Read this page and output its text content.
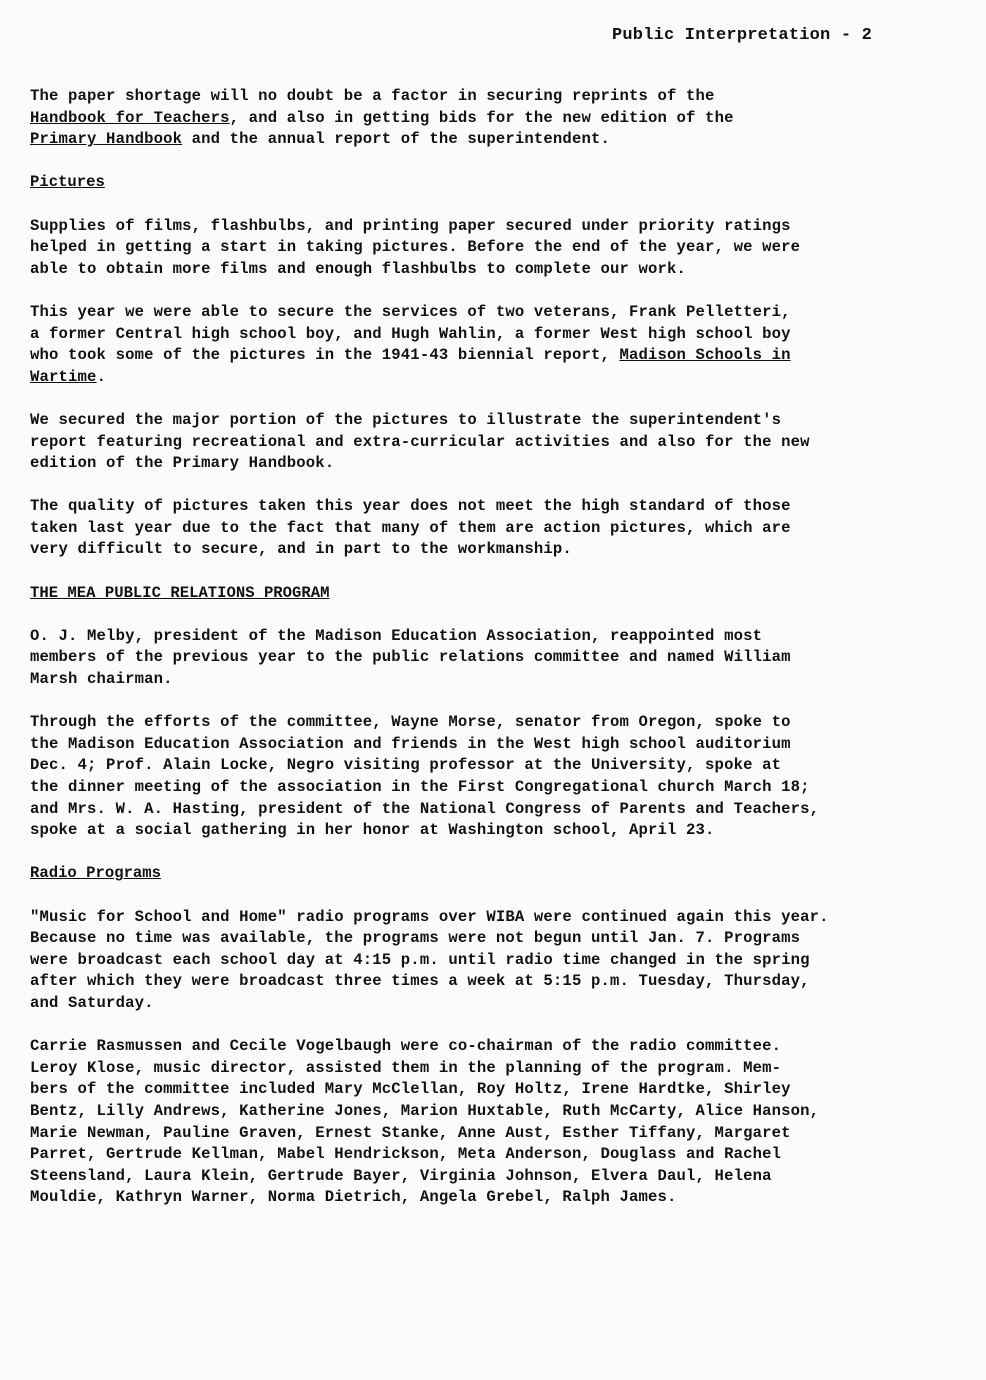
Public Interpretation - 2
The paper shortage will no doubt be a factor in securing reprints of the
Handbook for Teachers, and also in getting bids for the new edition of the
Primary Handbook and the annual report of the superintendent.
Pictures
Supplies of films, flashbulbs, and printing paper secured under priority ratings
helped in getting a start in taking pictures. Before the end of the year, we were
able to obtain more films and enough flashbulbs to complete our work.
This year we were able to secure the services of two veterans, Frank Pelletteri,
a former Central high school boy, and Hugh Wahlin, a former West high school boy
who took some of the pictures in the 1941-43 biennial report, Madison Schools in
Wartime.
We secured the major portion of the pictures to illustrate the superintendent's
report featuring recreational and extra-curricular activities and also for the new
edition of the Primary Handbook.
The quality of pictures taken this year does not meet the high standard of those
taken last year due to the fact that many of them are action pictures, which are
very difficult to secure, and in part to the workmanship.
THE MEA PUBLIC RELATIONS PROGRAM
O. J. Melby, president of the Madison Education Association, reappointed most
members of the previous year to the public relations committee and named William
Marsh chairman.
Through the efforts of the committee, Wayne Morse, senator from Oregon, spoke to
the Madison Education Association and friends in the West high school auditorium
Dec. 4; Prof. Alain Locke, Negro visiting professor at the University, spoke at
the dinner meeting of the association in the First Congregational church March 18;
and Mrs. W. A. Hasting, president of the National Congress of Parents and Teachers,
spoke at a social gathering in her honor at Washington school, April 23.
Radio Programs
"Music for School and Home" radio programs over WIBA were continued again this year.
Because no time was available, the programs were not begun until Jan. 7. Programs
were broadcast each school day at 4:15 p.m. until radio time changed in the spring
after which they were broadcast three times a week at 5:15 p.m. Tuesday, Thursday,
and Saturday.
Carrie Rasmussen and Cecile Vogelbaugh were co-chairman of the radio committee.
Leroy Klose, music director, assisted them in the planning of the program. Mem-
bers of the committee included Mary McClellan, Roy Holtz, Irene Hardtke, Shirley
Bentz, Lilly Andrews, Katherine Jones, Marion Huxtable, Ruth McCarty, Alice Hanson,
Marie Newman, Pauline Graven, Ernest Stanke, Anne Aust, Esther Tiffany, Margaret
Parret, Gertrude Kellman, Mabel Hendrickson, Meta Anderson, Douglass and Rachel
Steensland, Laura Klein, Gertrude Bayer, Virginia Johnson, Elvera Daul, Helena
Mouldie, Kathryn Warner, Norma Dietrich, Angela Grebel, Ralph James.
